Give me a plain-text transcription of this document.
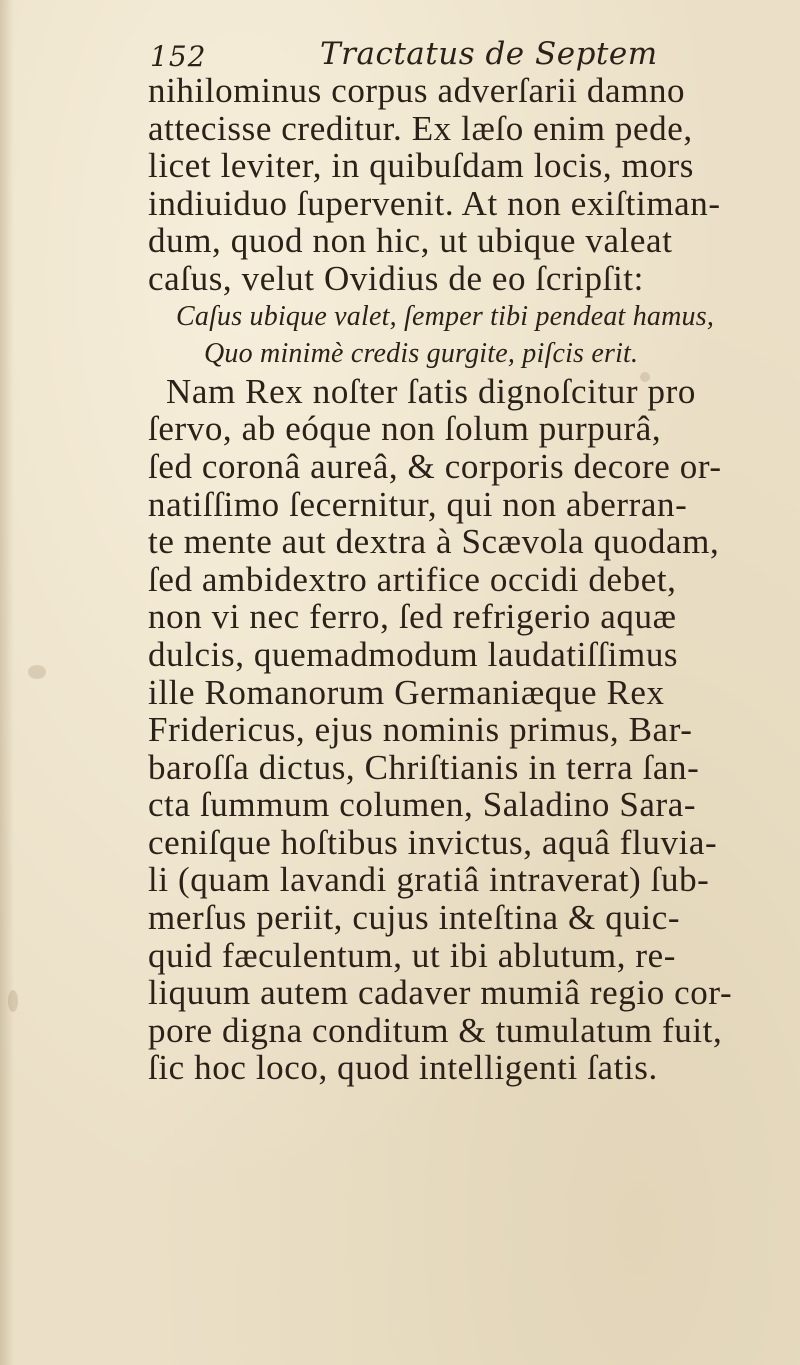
152	Tractatus de Septem
nihilominus corpus adverſarii damno
attecisse creditur. Ex læſo enim pede,
licet leviter, in quibuſdam locis, mors
indiuiduo ſupervenit. At non exiſtiman-
dum, quod non hic, ut ubique valeat
caſus, velut Ovidius de eo ſcripſit:
Caſus ubique valet, ſemper tibi pendeat hamus,
Quo minimè credis gurgite, piſcis erit.
Nam Rex noſter ſatis dignoſcitur pro
ſervo, ab eóque non ſolum purpurâ,
ſed coronâ aureâ, & corporis decore or-
natiſſimo ſecernitur, qui non aberran-
te mente aut dextra à Scævola quodam,
ſed ambidextro artifice occidi debet,
non vi nec ferro, ſed refrigerio aquæ
dulcis, quemadmodum laudatiſſimus
ille Romanorum Germaniæque Rex
Fridericus, ejus nominis primus, Bar-
baroſſa dictus, Chriſtianis in terra ſan-
cta ſummum columen, Saladino Sara-
ceniſque hoſtibus invictus, aquâ fluvia-
li (quam lavandi gratiâ intraverat) ſub-
merſus periit, cujus inteſtina & quic-
quid fæculentum, ut ibi ablutum, re-
liquum autem cadaver mumiâ regio cor-
pore digna conditum & tumulatum fuit,
ſic hoc loco, quod intelligenti ſatis.
